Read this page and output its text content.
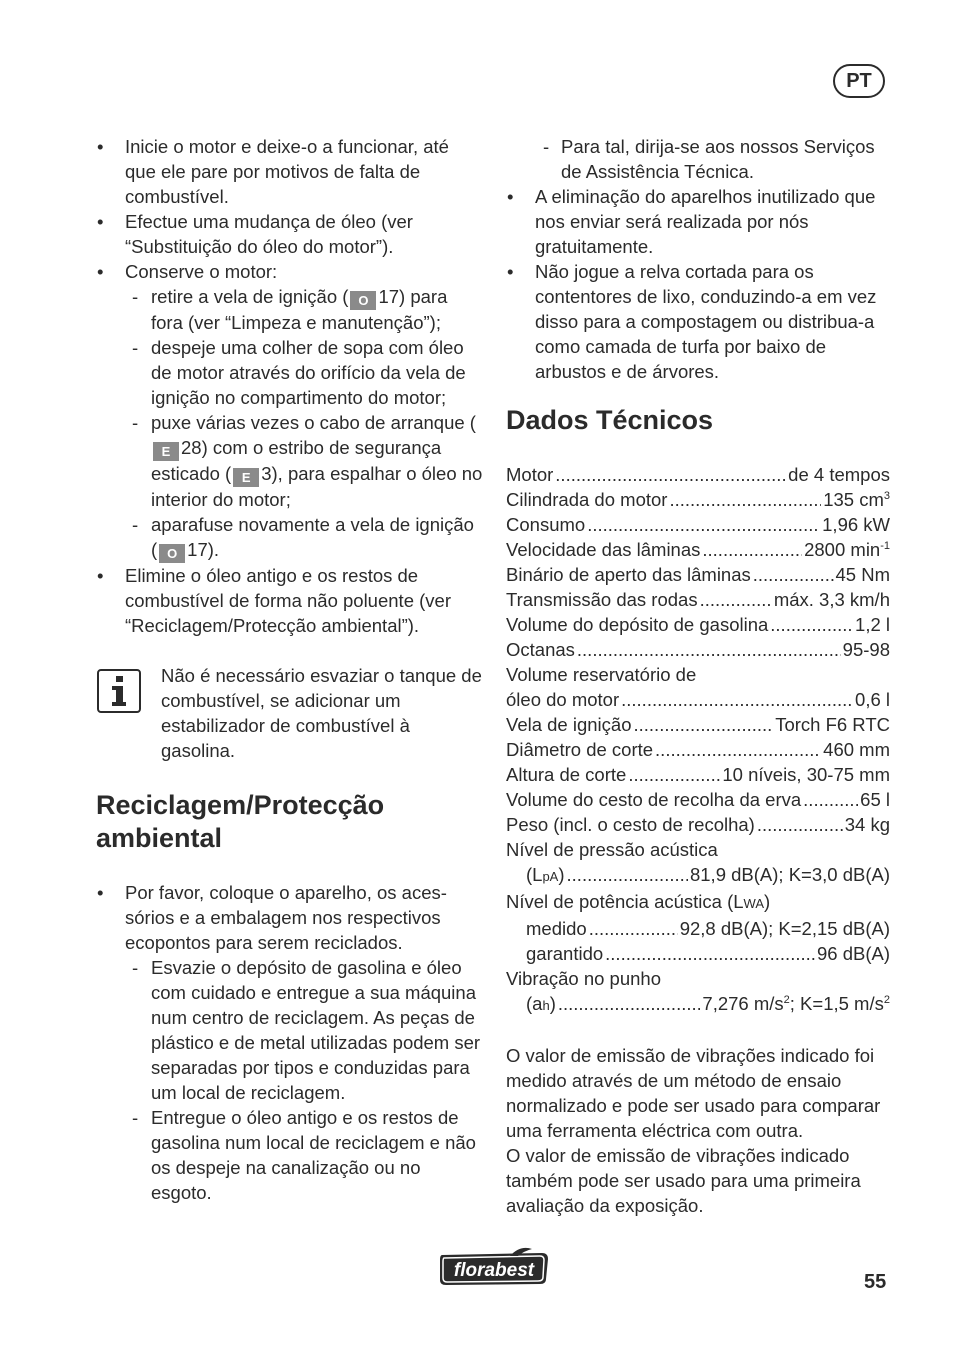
PT
• Inicie o motor e deixe-o a funcionar, até que ele pare por motivos de falta de combustível.
• Efectue uma mudança de óleo (ver “Substituição do óleo do motor”).
• Conserve o motor:
- retire a vela de ignição ( O 17) para fora (ver “Limpeza e manutenção”);
- despeje uma colher de sopa com óleo de motor através do orifício da vela de ignição no compartimento do motor;
- puxe várias vezes o cabo de arranque (E 28) com o estribo de segurança esticado ( E 3), para espalhar o óleo no interior do motor;
- aparafuse novamente a vela de ignição ( O 17).
• Elimine o óleo antigo e os restos de combustível de forma não poluente (ver “Reciclagem/Protecção ambiental”).
Não é necessário esvaziar o tanque de combustível, se adicionar um estabilizador de combustível à gasolina.
Reciclagem/Protecção ambiental
• Por favor, coloque o aparelho, os acessórios e a embalagem nos respectivos ecopontos para serem reciclados.
- Esvazie o depósito de gasolina e óleo com cuidado e entregue a sua máquina num centro de reciclagem. As peças de plástico e de metal utilizadas podem ser separadas por tipos e conduzidas para um local de reciclagem.
- Entregue o óleo antigo e os restos de gasolina num local de reciclagem e não os despeje na canalização ou no esgoto.
- Para tal, dirija-se aos nossos Serviços de Assistência Técnica.
• A eliminação do aparelhos inutilizado que nos enviar será realizada por nós gratuitamente.
• Não jogue a relva cortada para os contentores de lixo, conduzindo-a em vez disso para a compostagem ou distribua-a como camada de turfa por baixo de arbustos e de árvores.
Dados Técnicos
Motor .....	de 4 tempos
Cilindrada do motor .....	135 $cm^3$
Consumo .....	1,96 kW
Velocidade das lâminas .....	2800 $\min^{-1}$
Binário de aperto das lâminas .....	45 Nm
Transmissão das rodas .....	máx. 3,3 km/h
Volume do depósito de gasolina .....	1,2 l
Octanas .....	95-98
Volume reservatório de
óleo do motor .....	0,6 l
Vela de ignição .....	Torch F6 RTC
Diâmetro de corte .....	460 mm
Altura de corte .....	10 níveis, 30-75 mm
Volume do cesto de recolha da erva .....	65 l
Peso (incl. o cesto de recolha) .....	34 kg
Nível de pressão acústica
(LpA) .....	81,9 dB(A); K=3,0 dB(A)
Nível de potência acústica (LWA)
medido .....	92,8 dB(A); K=2,15 dB(A)
garantido .....	96 dB(A)
Vibração no punho
(ah) .....	7,276 $m/s^2$; K=1,5 $m/s^2$
O valor de emissão de vibrações indicado foi medido através de um método de ensaio normalizado e pode ser usado para comparar uma ferramenta eléctrica com outra.
O valor de emissão de vibrações indicado também pode ser usado para uma primeira avaliação da exposição.
florabest
55
